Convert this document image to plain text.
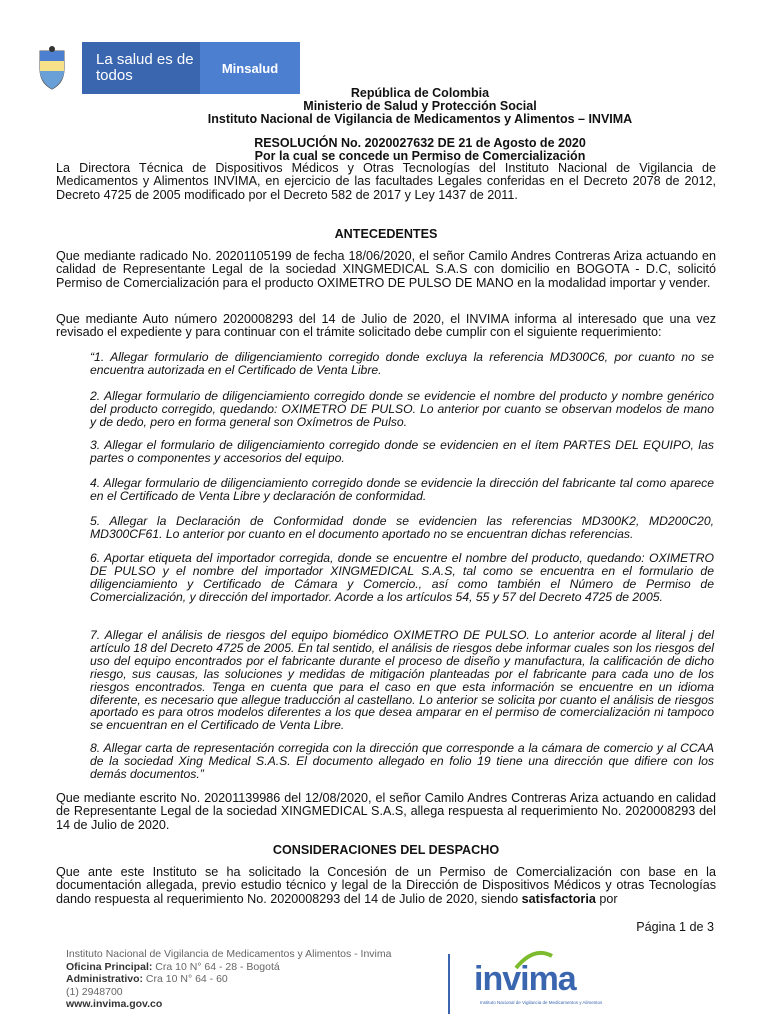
La salud es de todos	Minsalud
República de Colombia
Ministerio de Salud y Protección Social
Instituto Nacional de Vigilancia de Medicamentos y Alimentos – INVIMA
RESOLUCIÓN No. 2020027632 DE 21 de Agosto de 2020
Por la cual se concede un Permiso de Comercialización
La Directora Técnica de Dispositivos Médicos y Otras Tecnologías del Instituto Nacional de Vigilancia de Medicamentos y Alimentos INVIMA, en ejercicio de las facultades Legales conferidas en el Decreto 2078 de 2012, Decreto 4725 de 2005 modificado por el Decreto 582 de 2017 y Ley 1437 de 2011.
ANTECEDENTES
Que mediante radicado No. 20201105199 de fecha 18/06/2020, el señor Camilo Andres Contreras Ariza actuando en calidad de Representante Legal de la sociedad XINGMEDICAL S.A.S con domicilio en BOGOTA - D.C, solicitó Permiso de Comercialización para el producto OXIMETRO DE PULSO DE MANO en la modalidad importar y vender.
Que mediante Auto número 2020008293 del 14 de Julio de 2020, el INVIMA informa al interesado que una vez revisado el expediente y para continuar con el trámite solicitado debe cumplir con el siguiente requerimiento:
“1. Allegar formulario de diligenciamiento corregido donde excluya la referencia MD300C6, por cuanto no se encuentra autorizada en el Certificado de Venta Libre.
2. Allegar formulario de diligenciamiento corregido donde se evidencie el nombre del producto y nombre genérico del producto corregido, quedando: OXIMETRO DE PULSO. Lo anterior por cuanto se observan modelos de mano y de dedo, pero en forma general son Oxímetros de Pulso.
3. Allegar el formulario de diligenciamiento corregido donde se evidencien en el ítem PARTES DEL EQUIPO, las partes o componentes y accesorios del equipo.
4. Allegar formulario de diligenciamiento corregido donde se evidencie la dirección del fabricante tal como aparece en el Certificado de Venta Libre y declaración de conformidad.
5. Allegar la Declaración de Conformidad donde se evidencien las referencias MD300K2, MD200C20, MD300CF61. Lo anterior por cuanto en el documento aportado no se encuentran dichas referencias.
6. Aportar etiqueta del importador corregida, donde se encuentre el nombre del producto, quedando: OXIMETRO DE PULSO y el nombre del importador XINGMEDICAL S.A.S, tal como se encuentra en el formulario de diligenciamiento y Certificado de Cámara y Comercio., así como también el Número de Permiso de Comercialización, y dirección del importador. Acorde a los artículos 54, 55 y 57 del Decreto 4725 de 2005.
7. Allegar el análisis de riesgos del equipo biomédico OXIMETRO DE PULSO. Lo anterior acorde al literal j del artículo 18 del Decreto 4725 de 2005. En tal sentido, el análisis de riesgos debe informar cuales son los riesgos del uso del equipo encontrados por el fabricante durante el proceso de diseño y manufactura, la calificación de dicho riesgo, sus causas, las soluciones y medidas de mitigación planteadas por el fabricante para cada uno de los riesgos encontrados. Tenga en cuenta que para el caso en que esta información se encuentre en un idioma diferente, es necesario que allegue traducción al castellano. Lo anterior se solicita por cuanto el análisis de riesgos aportado es para otros modelos diferentes a los que desea amparar en el permiso de comercialización ni tampoco se encuentran en el Certificado de Venta Libre.
8. Allegar carta de representación corregida con la dirección que corresponde a la cámara de comercio y al CCAA de la sociedad Xing Medical S.A.S. El documento allegado en folio 19 tiene una dirección que difiere con los demás documentos.”
Que mediante escrito No. 20201139986 del 12/08/2020, el señor Camilo Andres Contreras Ariza actuando en calidad de Representante Legal de la sociedad XINGMEDICAL S.A.S, allega respuesta al requerimiento No. 2020008293 del 14 de Julio de 2020.
CONSIDERACIONES DEL DESPACHO
Que ante este Instituto se ha solicitado la Concesión de un Permiso de Comercialización con base en la documentación allegada, previo estudio técnico y legal de la Dirección de Dispositivos Médicos y otras Tecnologías dando respuesta al requerimiento No. 2020008293 del 14 de Julio de 2020, siendo satisfactoria por
Página 1 de 3
Instituto Nacional de Vigilancia de Medicamentos y Alimentos - Invima
Oficina Principal: Cra 10 N° 64 - 28 - Bogotá
Administrativo: Cra 10 N° 64 - 60
(1) 2948700
www.invima.gov.co
invima
Instituto Nacional de Vigilancia de Medicamentos y Alimentos
